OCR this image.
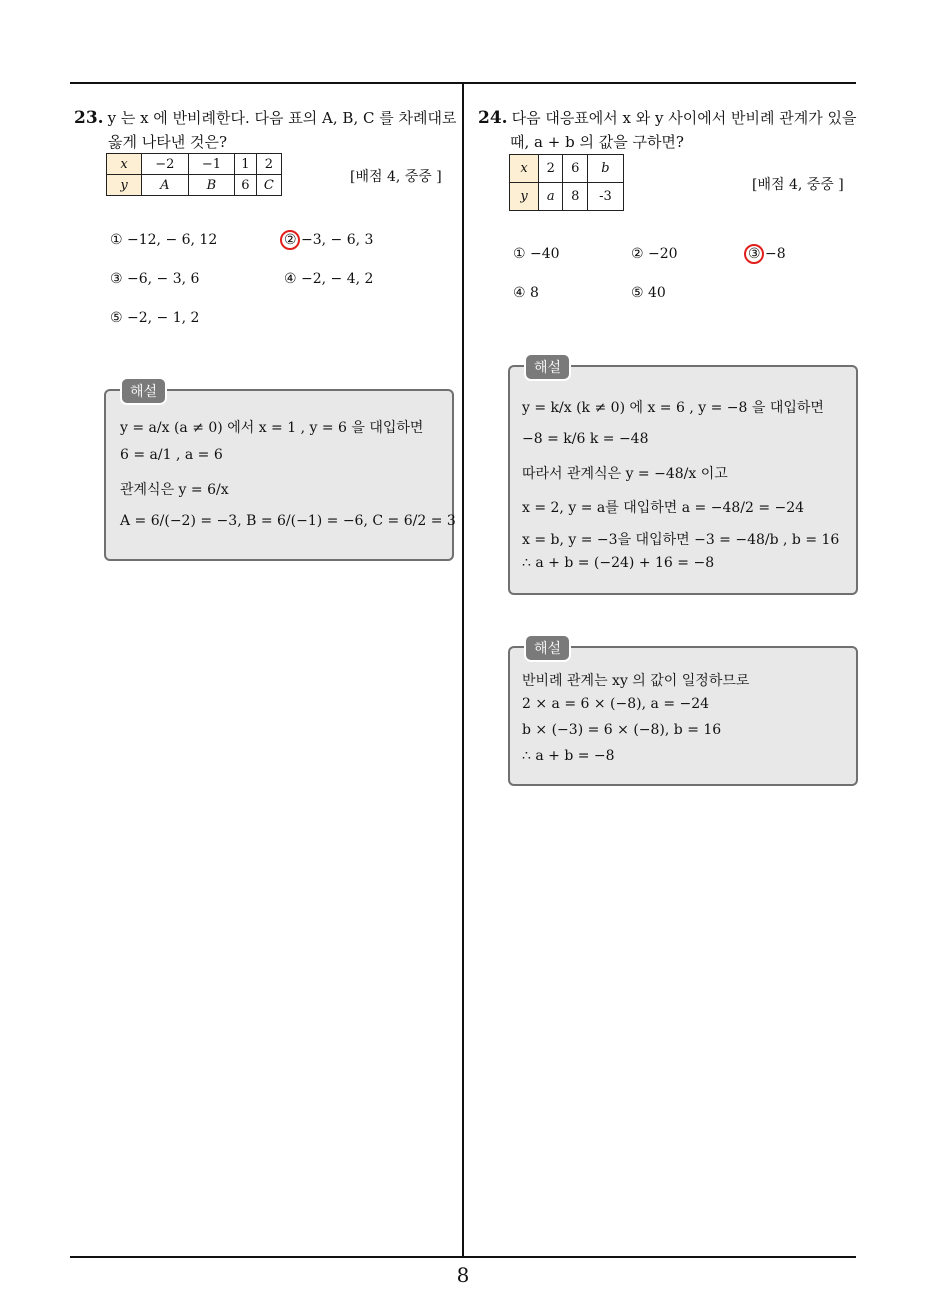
23. y 는 x 에 반비례한다. 다음 표의 A, B, C 를 차례대로

옳게 나타낸 것은?

x	−2	−1	1	2
y	A	B	6	C	[배점 4, 중중 ]
① −12, − 6, 12	② −3, − 6, 3
③ −6, − 3, 6	④ −2, − 4, 2
⑤ −2, − 1, 2
해설
y = a/x (a ≠ 0) 에서 x = 1 , y = 6 을 대입하면
6 = a/1 , a = 6
관계식은 y = 6/x
A = 6/(−2) = −3, B = 6/(−1) = −6, C = 6/2 = 3

24. 다음 대응표에서 x 와 y 사이에서 반비례 관계가 있을

때, a + b 의 값을 구하면?

x	2	6	b
y	a	8	-3
[배점 4, 중중 ]
① −40	② −20	③ −8
④ 8	⑤ 40
해설
y = k/x (k ≠ 0) 에 x = 6 , y = −8 을 대입하면
−8 = k/6 k = −48
따라서 관계식은 y = −48/x 이고
x = 2, y = a를 대입하면 a = −48/2 = −24
x = b, y = −3을 대입하면 −3 = −48/b , b = 16
∴ a + b = (−24) + 16 = −8
해설
반비례 관계는 xy 의 값이 일정하므로
2 × a = 6 × (−8), a = −24
b × (−3) = 6 × (−8), b = 16
∴ a + b = −8
8
